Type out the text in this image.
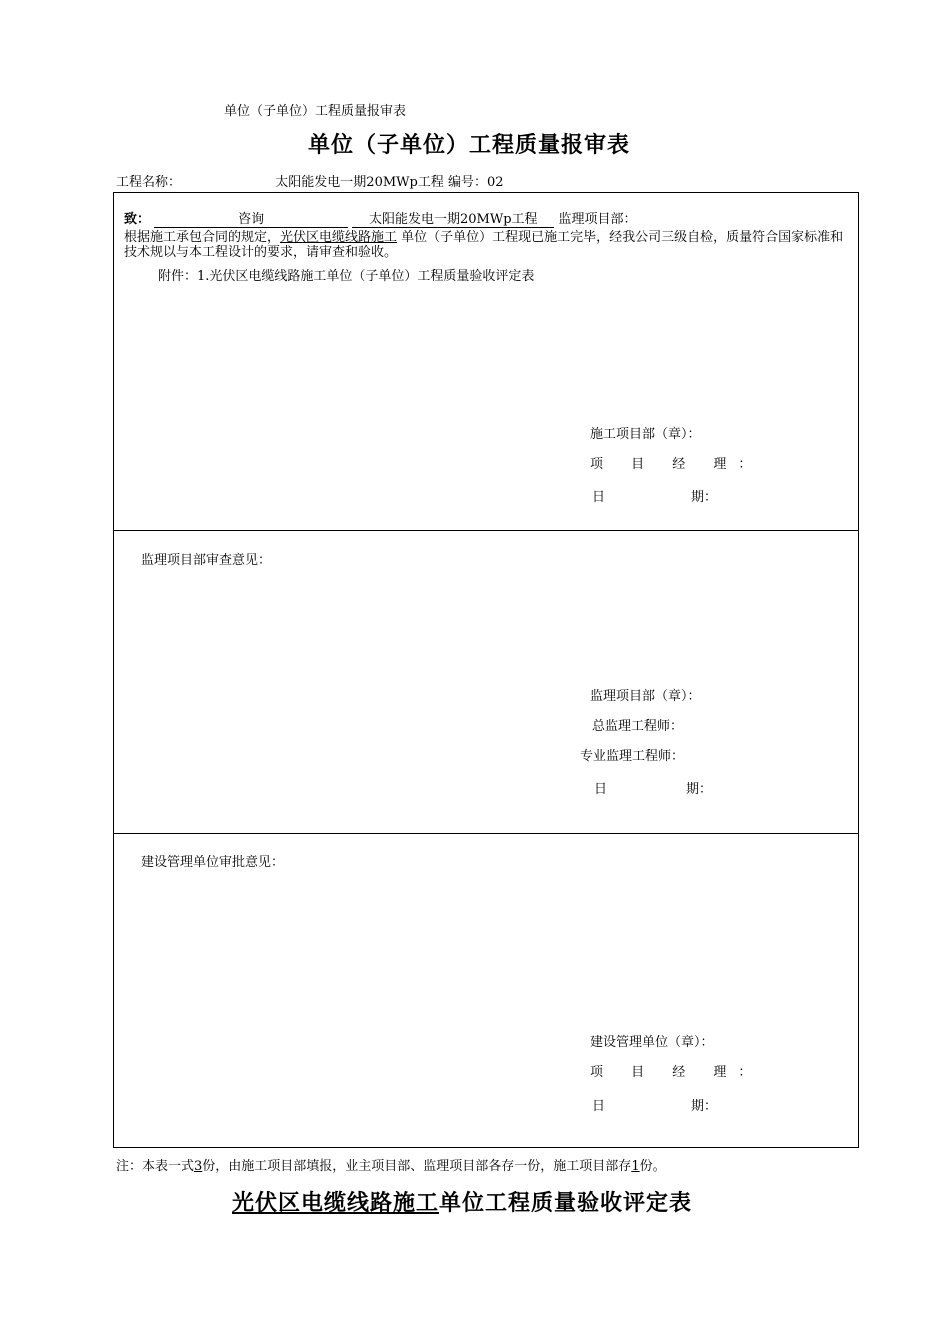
单位（子单位）工程质量报审表
单位（子单位）工程质量报审表
工程名称：	太阳能发电一期20MWp工程 编号：02
致：	咨询	太阳能发电一期20MWp工程 监理项目部：
根据施工承包合同的规定，光伏区电缆线路施工 单位（子单位）工程现已施工完毕，经我公司三级自检，质量符合国家标准和技术规以与本工程设计的要求，请审查和验收。
附件：1.光伏区电缆线路施工单位（子单位）工程质量验收评定表
施工项目部（章）：
项 目 经 理：
日	期：
监理项目部审查意见：
监理项目部（章）：
总监理工程师：
专业监理工程师：
日	期：
建设管理单位审批意见：
建设管理单位（章）：
项 目 经 理：
日	期：
注：本表一式3份，由施工项目部填报，业主项目部、监理项目部各存一份，施工项目部存1份。
光伏区电缆线路施工单位工程质量验收评定表
